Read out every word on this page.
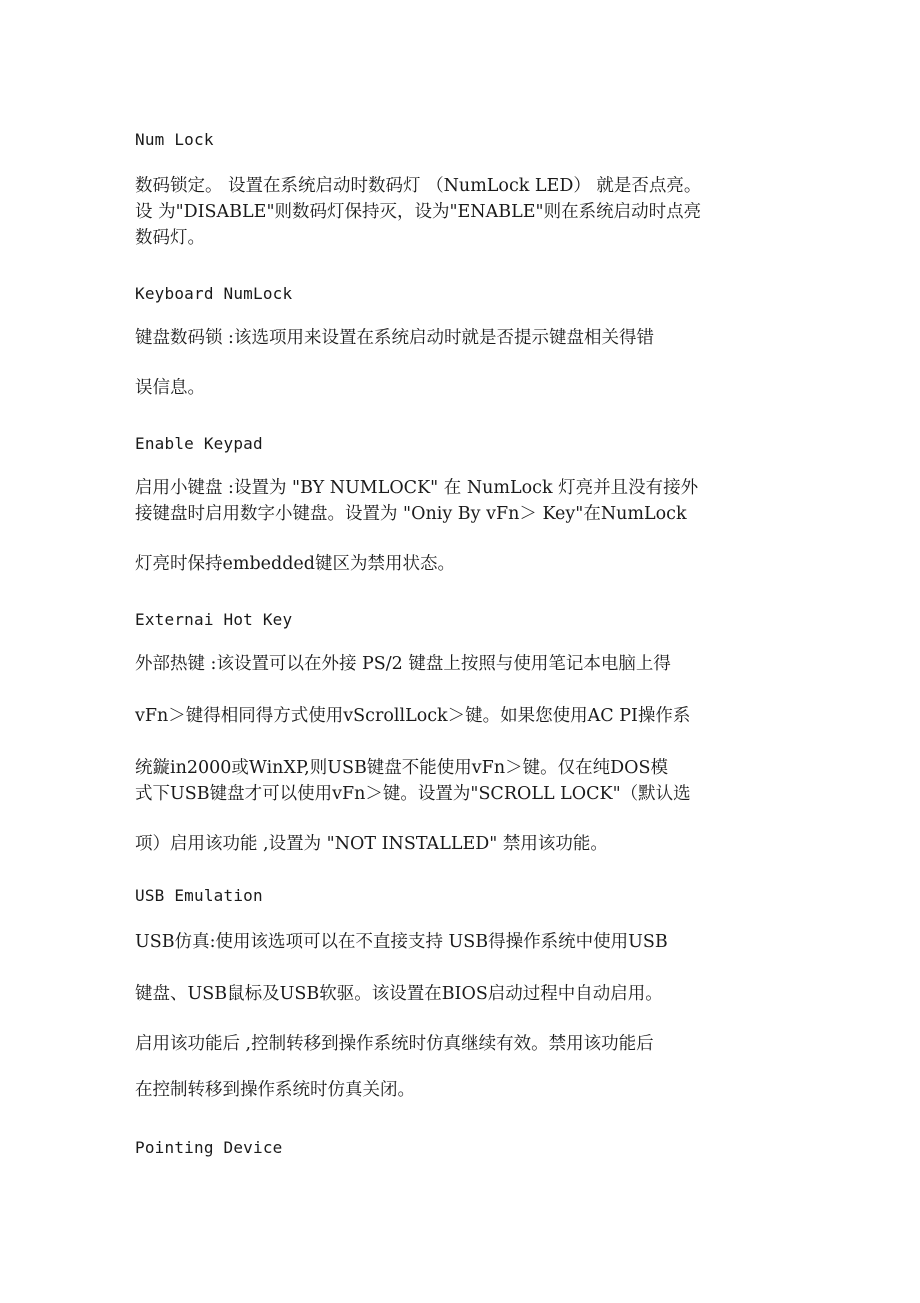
Num Lock

数码锁定。 设置在系统启动时数码灯 （NumLock LED） 就是否点亮。

设 为"DISABLE"则数码灯保持灭，设为"ENABLE"则在系统启动时点亮

数码灯。

Keyboard NumLock

键盘数码锁 :该选项用来设置在系统启动时就是否提示键盘相关得错

误信息。

Enable Keypad

启用小键盘 :设置为 "BY NUMLOCK" 在 NumLock 灯亮并且没有接外

接键盘时启用数字小键盘。设置为 "Oniy By vFn＞ Key"在NumLock

灯亮时保持embedded键区为禁用状态。

Externai Hot Key

外部热键 :该设置可以在外接 PS/2 键盘上按照与使用笔记本电脑上得

vFn＞键得相同得方式使用vScrollLock＞键。如果您使用AC PI操作系

统鏇in2000或WinXP,则USB键盘不能使用vFn＞键。仅在纯DOS模

式下USB键盘才可以使用vFn＞键。设置为"SCROLL LOCK"（默认选

项）启用该功能 ,设置为 "NOT INSTALLED" 禁用该功能。

USB Emulation

USB仿真:使用该选项可以在不直接支持 USB得操作系统中使用USB

键盘、USB鼠标及USB软驱。该设置在BIOS启动过程中自动启用。

启用该功能后 ,控制转移到操作系统时仿真继续有效。禁用该功能后

在控制转移到操作系统时仿真关闭。

Pointing Device
